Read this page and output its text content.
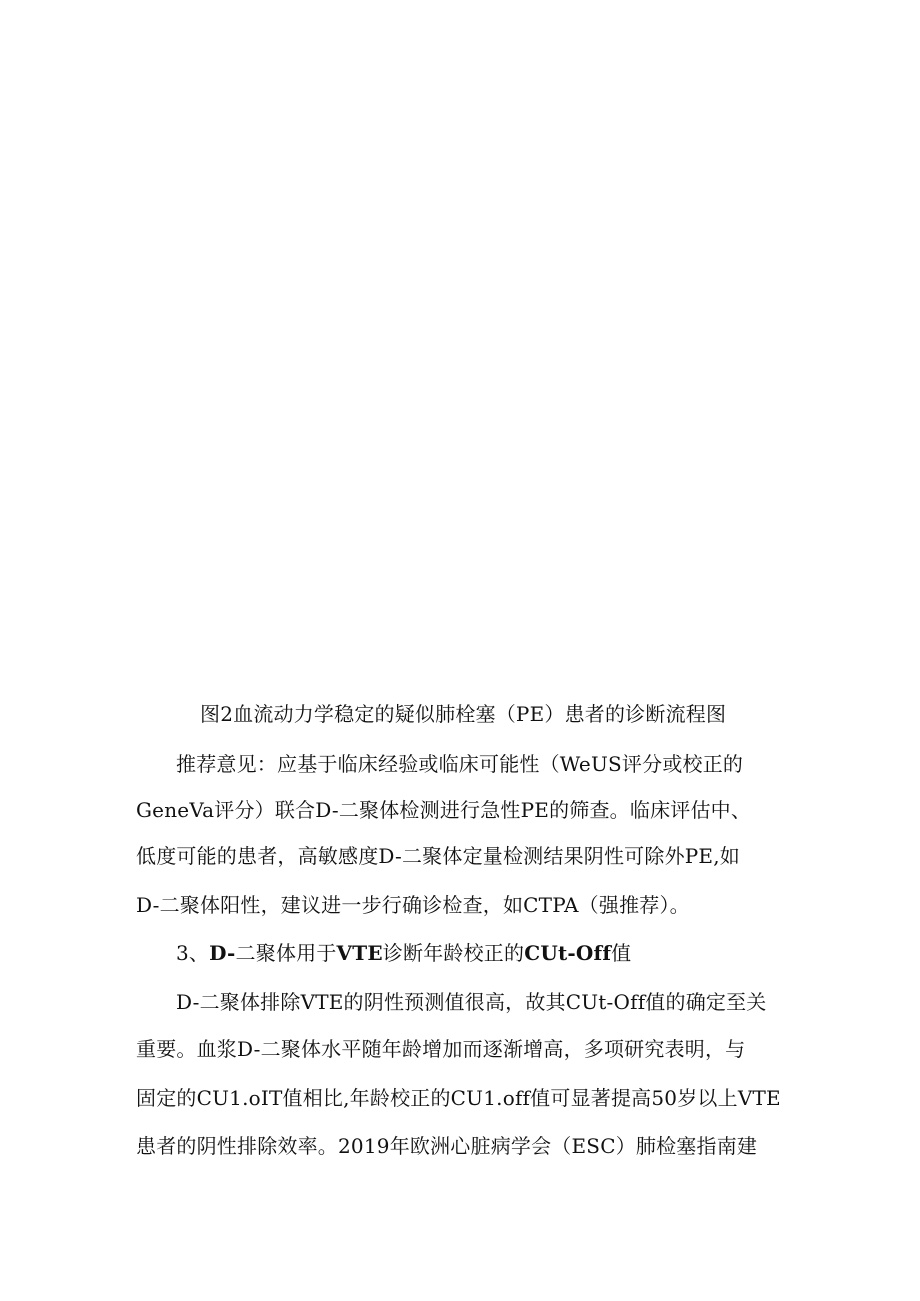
图2血流动力学稳定的疑似肺栓塞（PE）患者的诊断流程图
推荐意见：应基于临床经验或临床可能性（WeUS评分或校正的
GeneVa评分）联合D-二聚体检测进行急性PE的筛查。临床评估中、
低度可能的患者，高敏感度D-二聚体定量检测结果阴性可除外PE,如
D-二聚体阳性，建议进一步行确诊检查，如CTPA（强推荐）。
3、D-二聚体用于VTE诊断年龄校正的CUt-Off值
D-二聚体排除VTE的阴性预测值很高，故其CUt-Off值的确定至关
重要。血浆D-二聚体水平随年龄增加而逐渐增高，多项研究表明，与
固定的CU1.oIT值相比,年龄校正的CU1.off值可显著提高50岁以上VTE
患者的阴性排除效率。2019年欧洲心脏病学会（ESC）肺检塞指南建
